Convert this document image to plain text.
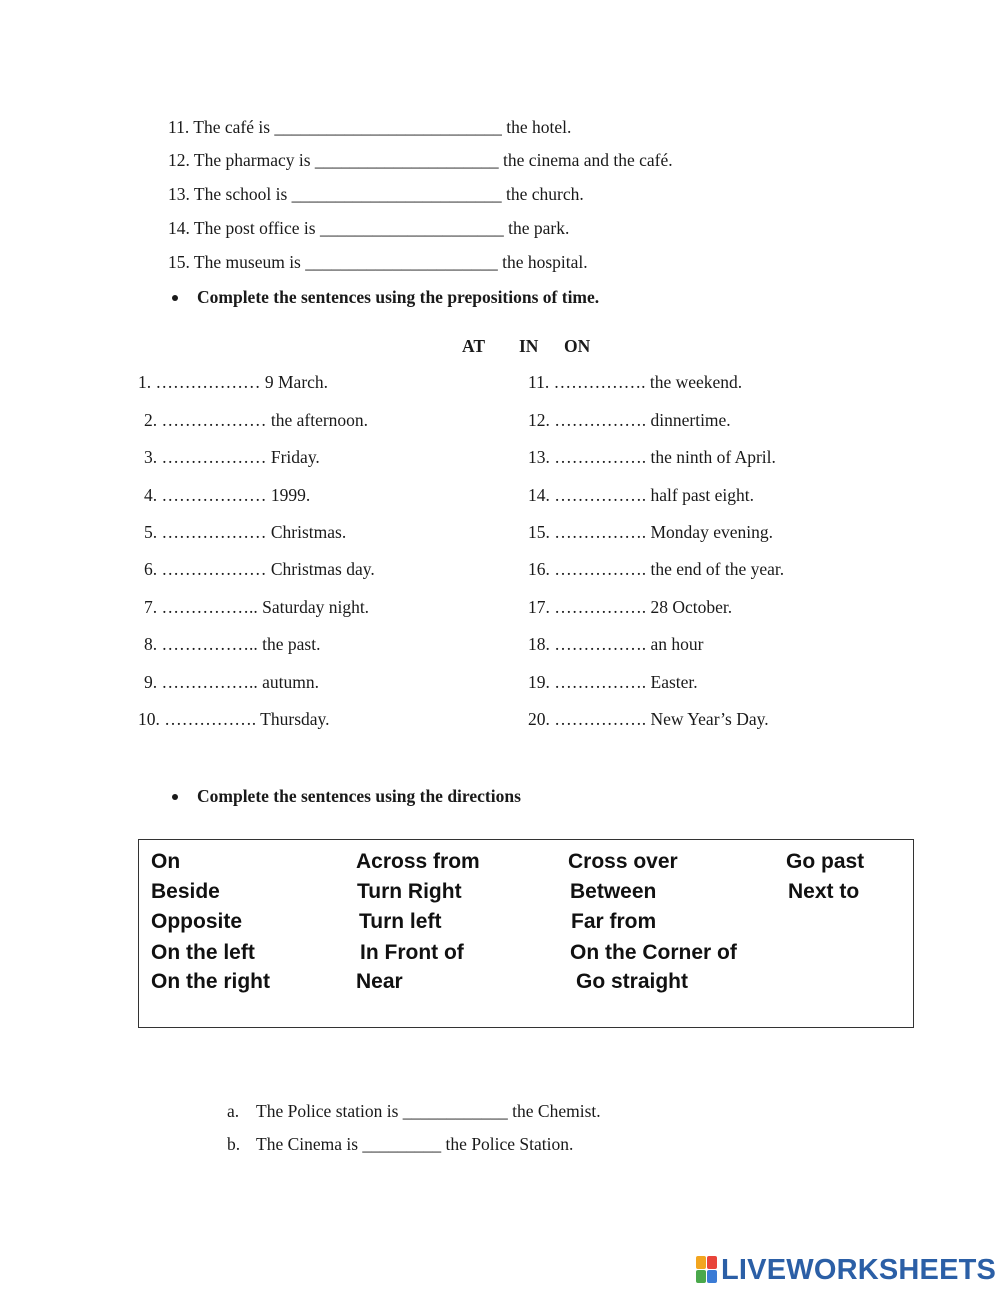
11. The café is __________________________ the hotel.
12. The pharmacy is _____________________ the cinema and the café.
13. The school is ________________________ the church.
14. The post office is _____________________ the park.
15. The museum is ______________________ the hospital.
Complete the sentences using the prepositions of time.
AT IN ON
1. ……………… 9 March.
2. ……………… the afternoon.
3. ……………… Friday.
4. ……………… 1999.
5. ……………… Christmas.
6. ……………… Christmas day.
7. …………….. Saturday night.
8. …………….. the past.
9. …………….. autumn.
10. ……………. Thursday.
11. ……………. the weekend.
12. ……………. dinnertime.
13. ……………. the ninth of April.
14. ……………. half past eight.
15. ……………. Monday evening.
16. ……………. the end of the year.
17. ……………. 28 October.
18. ……………. an hour
19. ……………. Easter.
20. ……………. New Year’s Day.
Complete the sentences using the directions
On
Beside
Opposite
On the left
On the right
Across from
Turn Right
Turn left
In Front of
Near
Cross over
Between
Far from
On the Corner of
Go straight
Go past
Next to
a. The Police station is ____________ the Chemist.
b. The Cinema is _________ the Police Station.
LIVEWORKSHEETS
